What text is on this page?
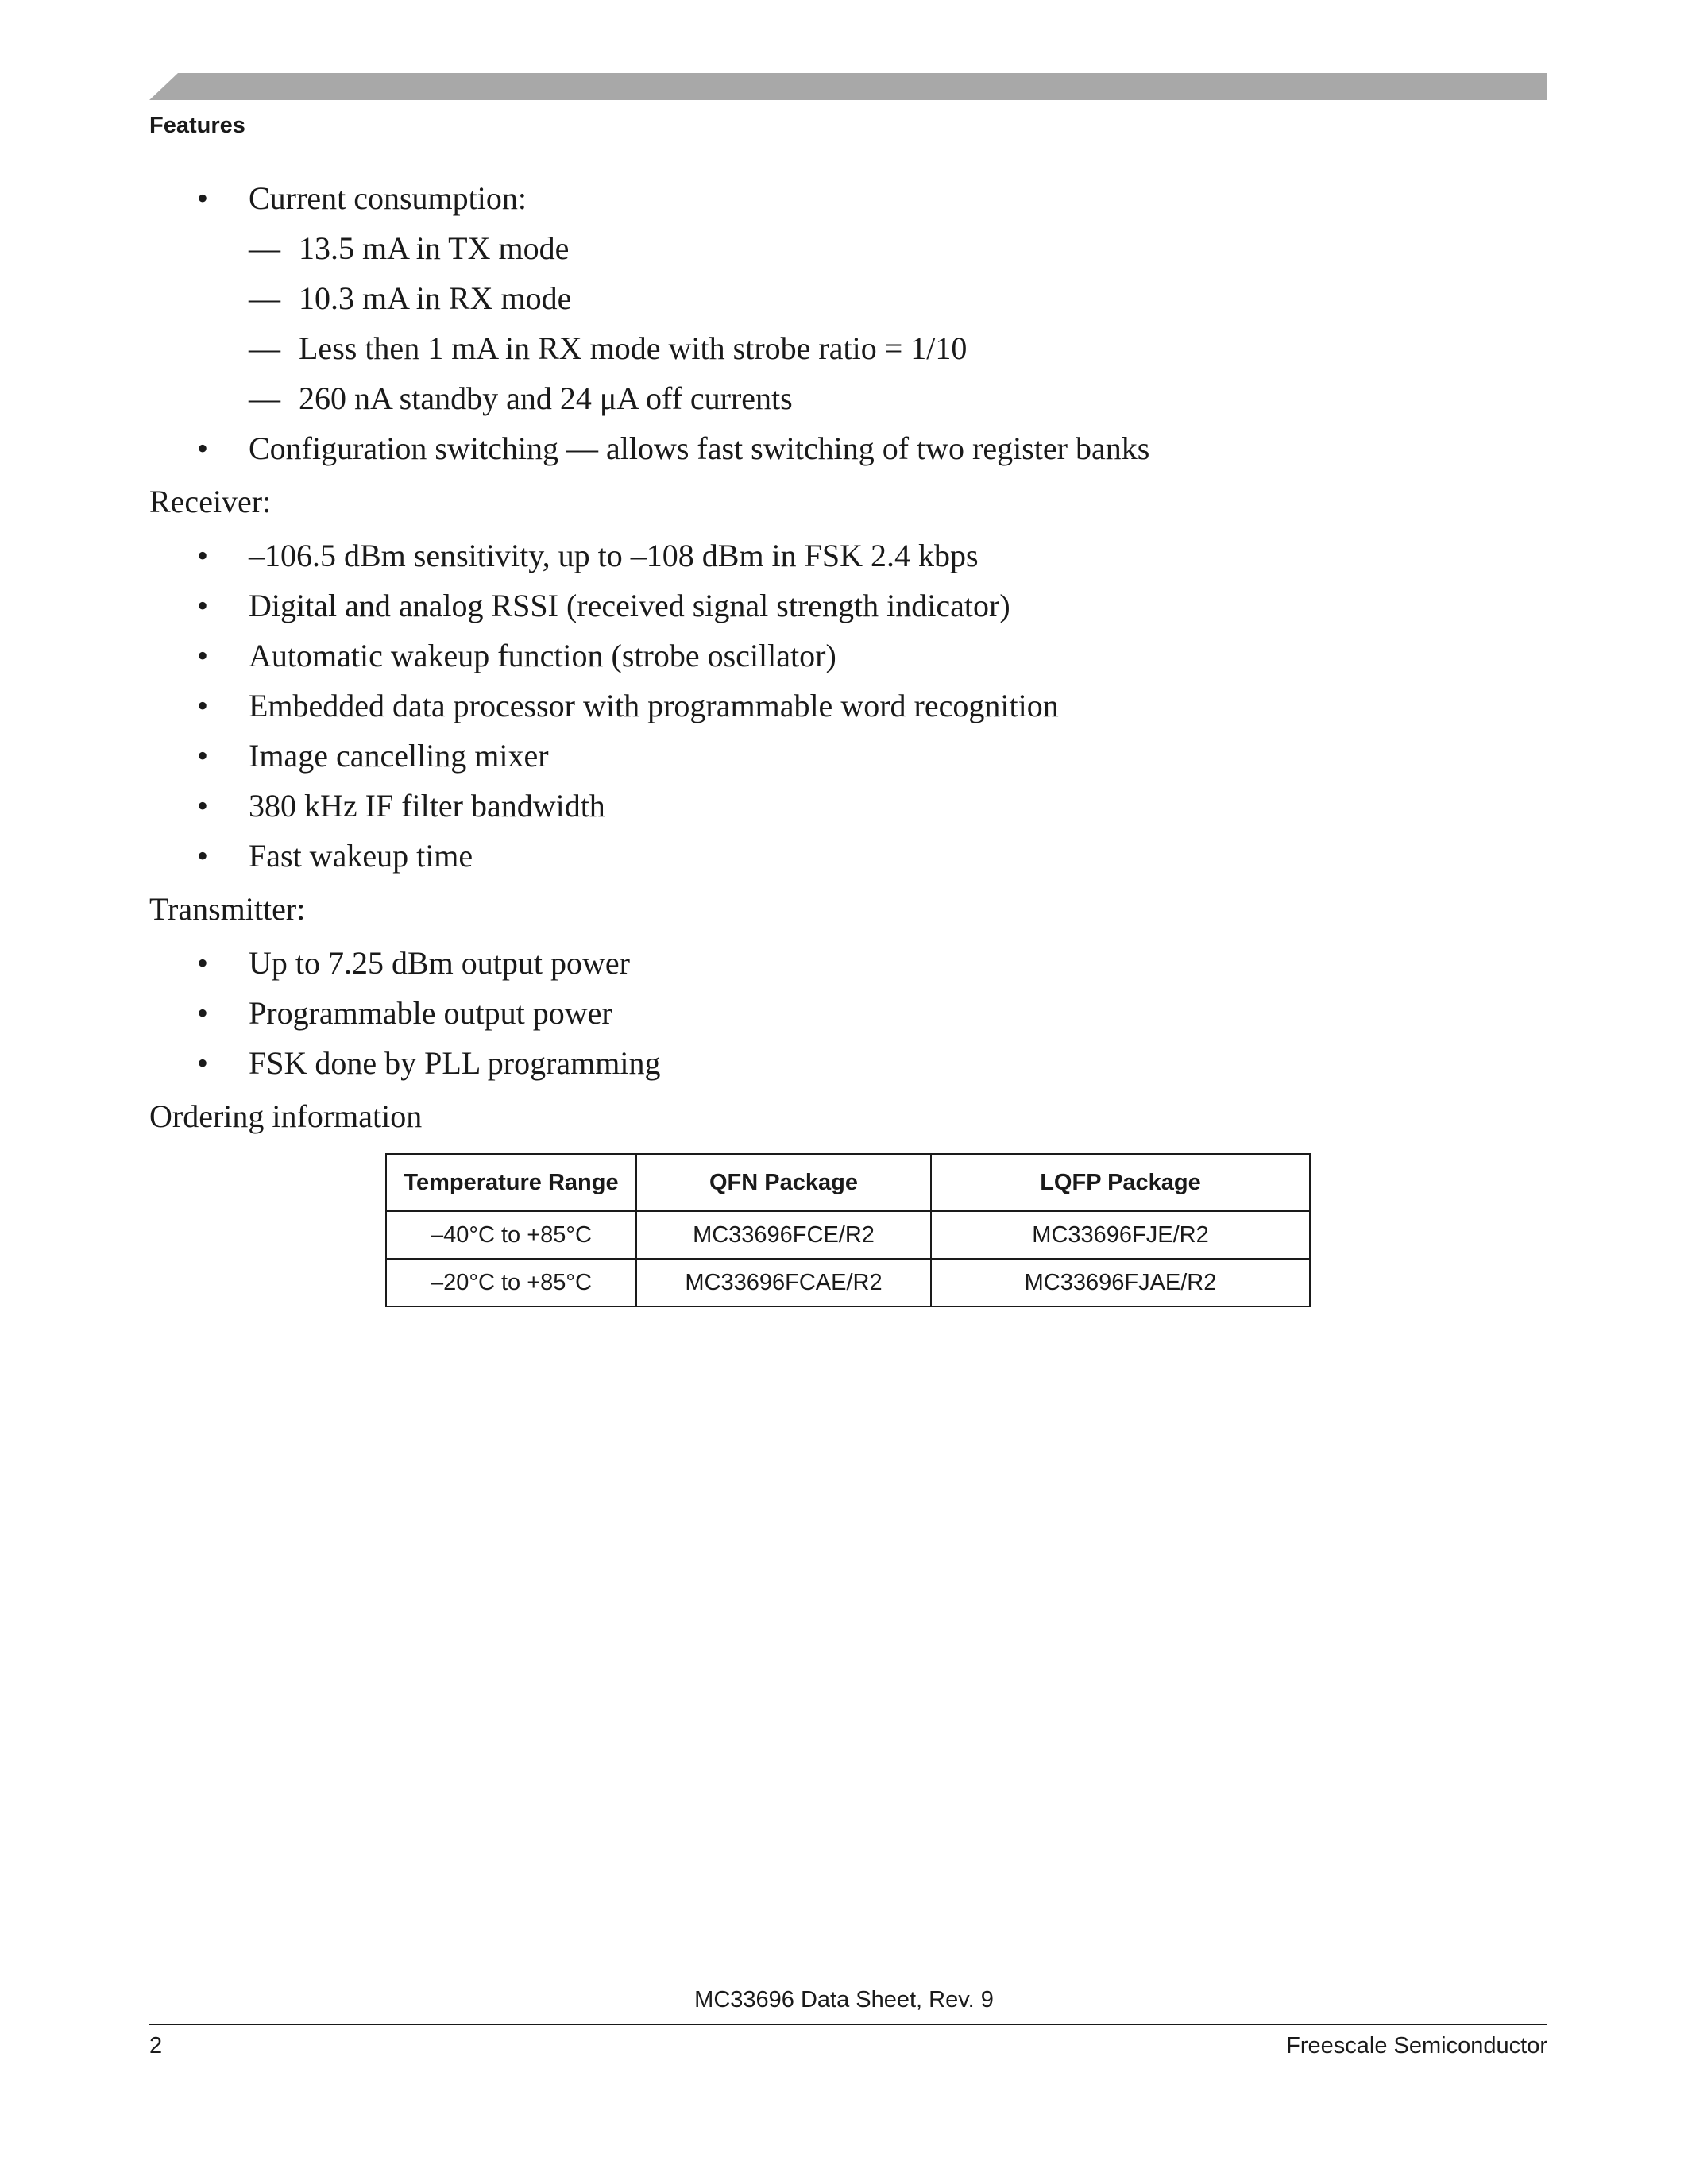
Features
• Current consumption:
— 13.5 mA in TX mode
— 10.3 mA in RX mode
— Less then 1 mA in RX mode with strobe ratio = 1/10
— 260 nA standby and 24 μA off currents
• Configuration switching — allows fast switching of two register banks
Receiver:
• –106.5 dBm sensitivity, up to –108 dBm in FSK 2.4 kbps
• Digital and analog RSSI (received signal strength indicator)
• Automatic wakeup function (strobe oscillator)
• Embedded data processor with programmable word recognition
• Image cancelling mixer
• 380 kHz IF filter bandwidth
• Fast wakeup time
Transmitter:
• Up to 7.25 dBm output power
• Programmable output power
• FSK done by PLL programming
Ordering information
Temperature Range	QFN Package	LQFP Package
–40°C to +85°C	MC33696FCE/R2	MC33696FJE/R2
–20°C to +85°C	MC33696FCAE/R2	MC33696FJAE/R2
MC33696 Data Sheet, Rev. 9
2	Freescale Semiconductor
